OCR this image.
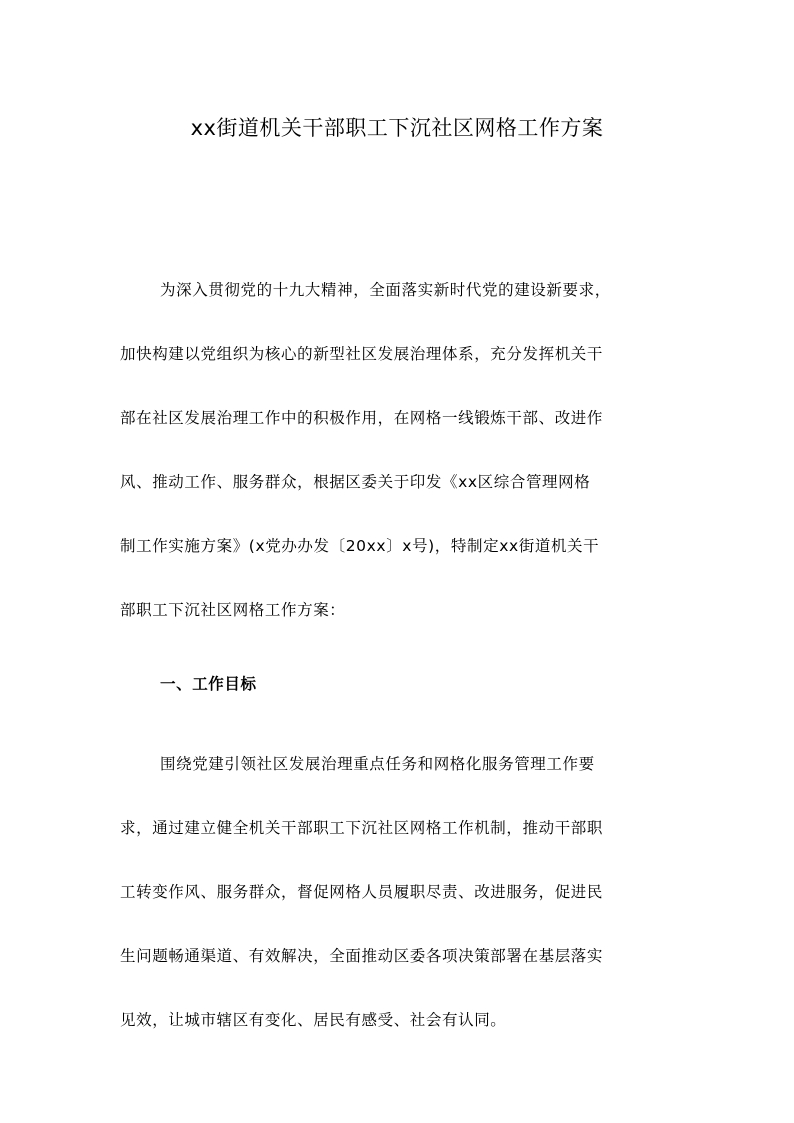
xx街道机关干部职工下沉社区网格工作方案
为深入贯彻党的十九大精神，全面落实新时代党的建设新要求，
加快构建以党组织为核心的新型社区发展治理体系，充分发挥机关干
部在社区发展治理工作中的积极作用，在网格一线锻炼干部、改进作
风、推动工作、服务群众，根据区委关于印发《xx区综合管理网格
制工作实施方案》(x党办办发〔20xx〕x号)，特制定xx街道机关干
部职工下沉社区网格工作方案：
一、工作目标
围绕党建引领社区发展治理重点任务和网格化服务管理工作要
求，通过建立健全机关干部职工下沉社区网格工作机制，推动干部职
工转变作风、服务群众，督促网格人员履职尽责、改进服务，促进民
生问题畅通渠道、有效解决，全面推动区委各项决策部署在基层落实
见效，让城市辖区有变化、居民有感受、社会有认同。
